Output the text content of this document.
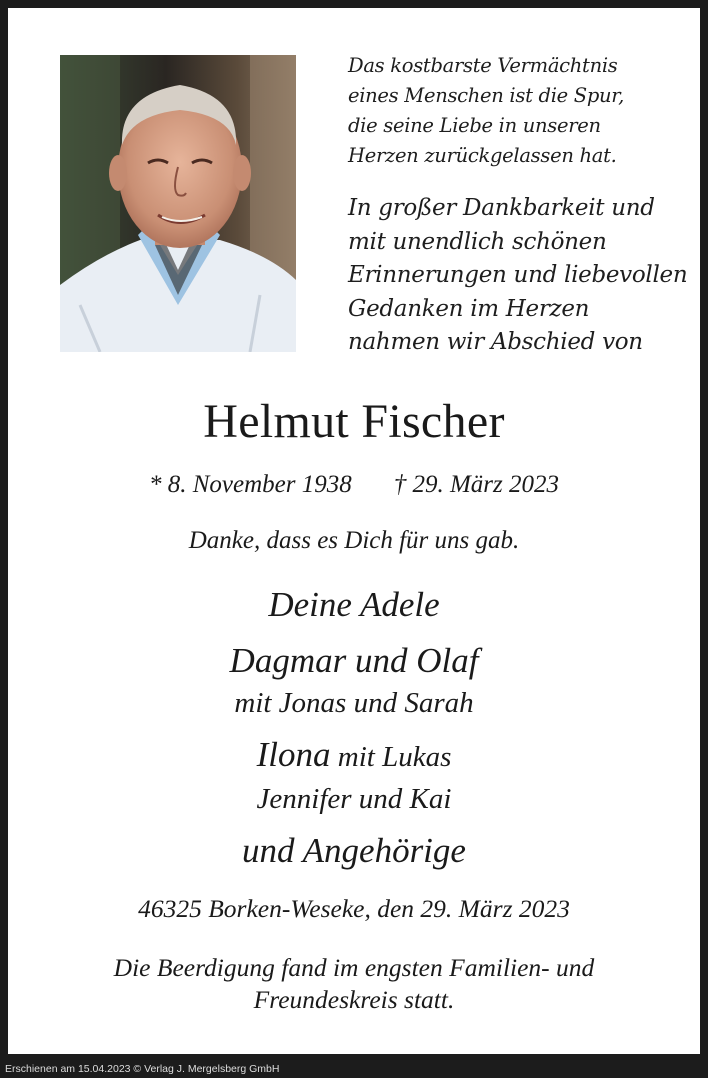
Das kostbarste Vermächtnis
eines Menschen ist die Spur,
die seine Liebe in unseren
Herzen zurückgelassen hat.
In großer Dankbarkeit und
mit unendlich schönen
Erinnerungen und liebevollen
Gedanken im Herzen
nahmen wir Abschied von
Helmut Fischer
* 8. November 1938 † 29. März 2023
Danke, dass es Dich für uns gab.
Deine Adele
Dagmar und Olaf
mit Jonas und Sarah
Ilona mit Lukas
Jennifer und Kai
und Angehörige
46325 Borken-Weseke, den 29. März 2023
Die Beerdigung fand im engsten Familien- und
Freundeskreis statt.
Erschienen am 15.04.2023 © Verlag J. Mergelsberg GmbH
